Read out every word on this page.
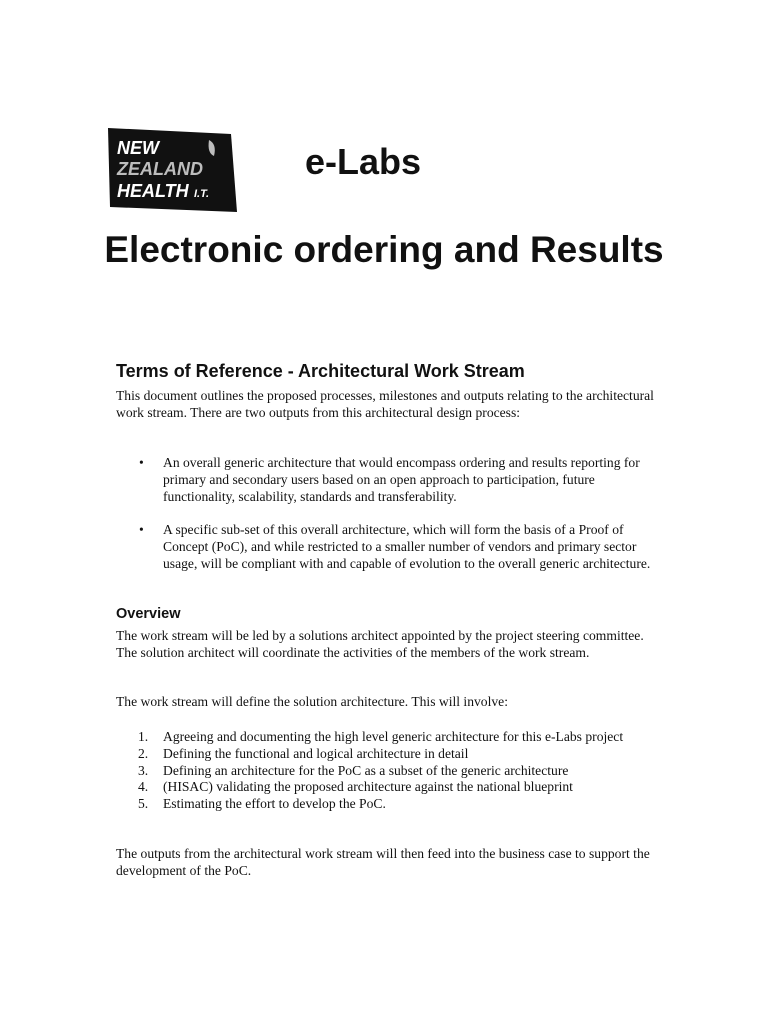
NEW
ZEALAND
HEALTH I.T.
e-Labs
Electronic ordering and Results
Terms of Reference - Architectural Work Stream

This document outlines the proposed processes, milestones and outputs relating to the architectural work stream. There are two outputs from this architectural design process:

• An overall generic architecture that would encompass ordering and results reporting for primary and secondary users based on an open approach to participation, future functionality, scalability, standards and transferability.
• A specific sub-set of this overall architecture, which will form the basis of a Proof of Concept (PoC), and while restricted to a smaller number of vendors and primary sector usage, will be compliant with and capable of evolution to the overall generic architecture.
Overview

The work stream will be led by a solutions architect appointed by the project steering committee. The solution architect will coordinate the activities of the members of the work stream.

The work stream will define the solution architecture. This will involve:

1. Agreeing and documenting the high level generic architecture for this e-Labs project
2. Defining the functional and logical architecture in detail
3. Defining an architecture for the PoC as a subset of the generic architecture
4. (HISAC) validating the proposed architecture against the national blueprint
5. Estimating the effort to develop the PoC.

The outputs from the architectural work stream will then feed into the business case to support the development of the PoC.
